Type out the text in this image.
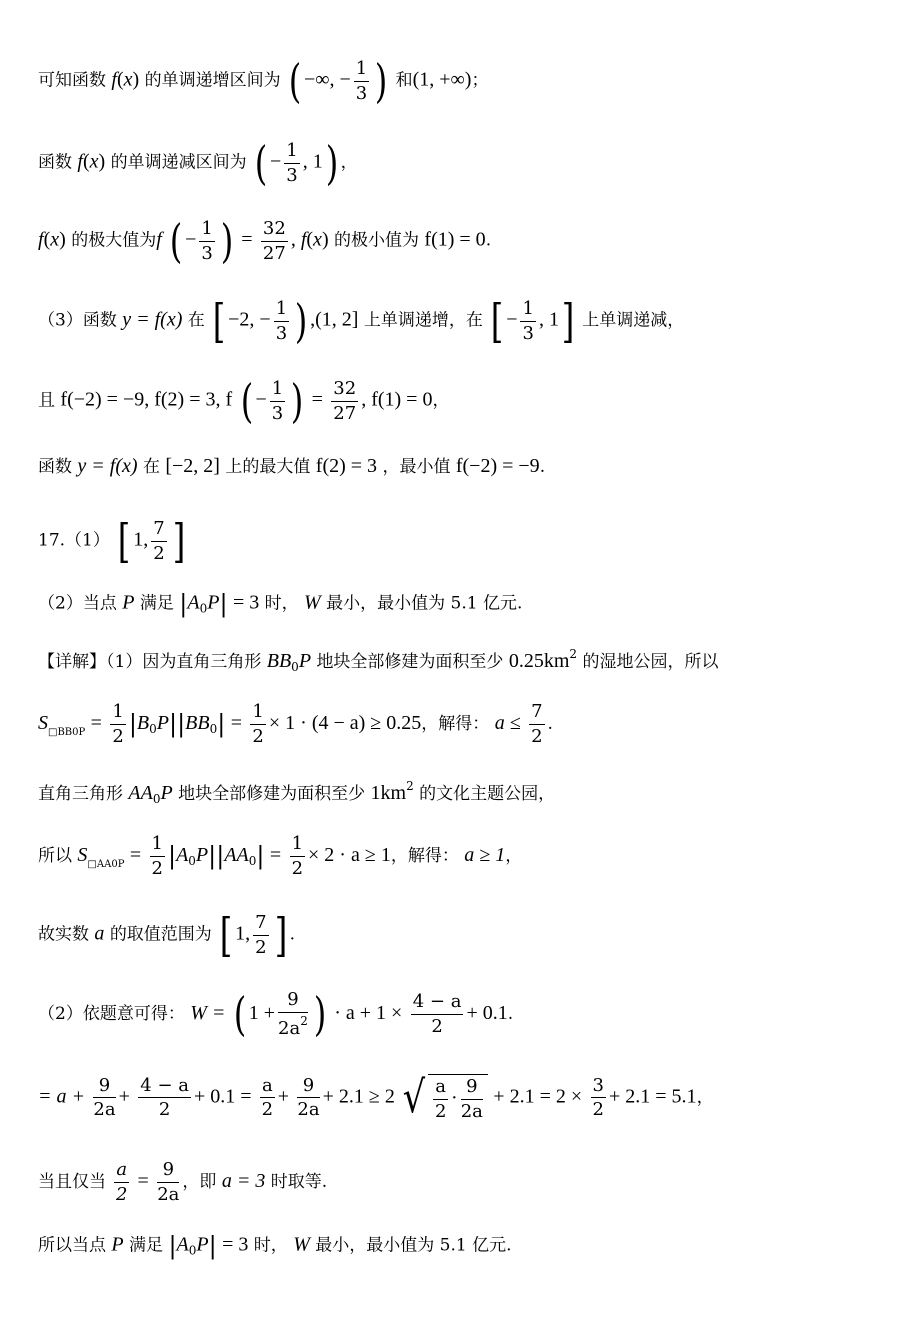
可知函数 f(x) 的单调递增区间为 ( −∞, − $\frac{1}{3}$ ) 和(1, +∞)；
函数 f(x) 的单调递减区间为 ( − $\frac{1}{3}$ , 1) ，
f(x) 的极大值为f ( − $\frac{1}{3}$ ) = $\frac{32}{27}$ , f(x) 的极小值为 f(1) = 0.
（3）函数 y = f(x) 在 [ −2, − $\frac{1}{3}$ ) ,(1, 2] 上单调递增，在 [ − $\frac{1}{3}$ , 1] 上单调递减，
且 f(−2) = −9, f(2) = 3, f ( − $\frac{1}{3}$ ) = $\frac{32}{27}$ , f(1) = 0，
函数 y = f(x) 在 [−2, 2] 上的最大值 f(2) = 3 ，最小值 f(−2) = −9.
17.（1） [ 1, $\frac{7}{2}$ ]
（2）当点 P 满足 $|A_0P| = 3$ 时， W 最小，最小值为 5.1 亿元.
【详解】（1）因为直角三角形 $BB_0P$ 地块全部修建为面积至少 $0.25km^2$ 的湿地公园，所以
$S_{□BB0P} = \frac{1}{2} |B_0P||BB_0| = \frac{1}{2} \times 1 \cdot (4 - a) \ge 0.25$，解得： $a \le \frac{7}{2}$ .
直角三角形 $AA_0P$ 地块全部修建为面积至少 $1km^2$ 的文化主题公园，
所以 $S_{□AA0P} = \frac{1}{2} |A_0P||AA_0| = \frac{1}{2} \times 2 \cdot a \ge 1$，解得： a ≥ 1，
故实数 a 的取值范围为 [ 1, $\frac{7}{2}$ ] .
（2）依题意可得： W = ( $1 + \frac{9}{2a^2}$ ) · $a + 1 \times \frac{4 - a}{2} + 0.1$.
= $a + \frac{9}{2a} + \frac{4 - a}{2} + 0.1 = \frac{a}{2} + \frac{9}{2a} + 2.1 \ge 2$ √ $\frac{a}{2} \cdot \frac{9}{2a} + 2.1 = 2 \times \frac{3}{2} + 2.1 = 5.1$，
当且仅当 $\frac{a}{2} = \frac{9}{2a}$ ，即 a = 3 时取等.
所以当点 P 满足 $|A_0P| = 3$ 时， W 最小，最小值为 5.1 亿元.
